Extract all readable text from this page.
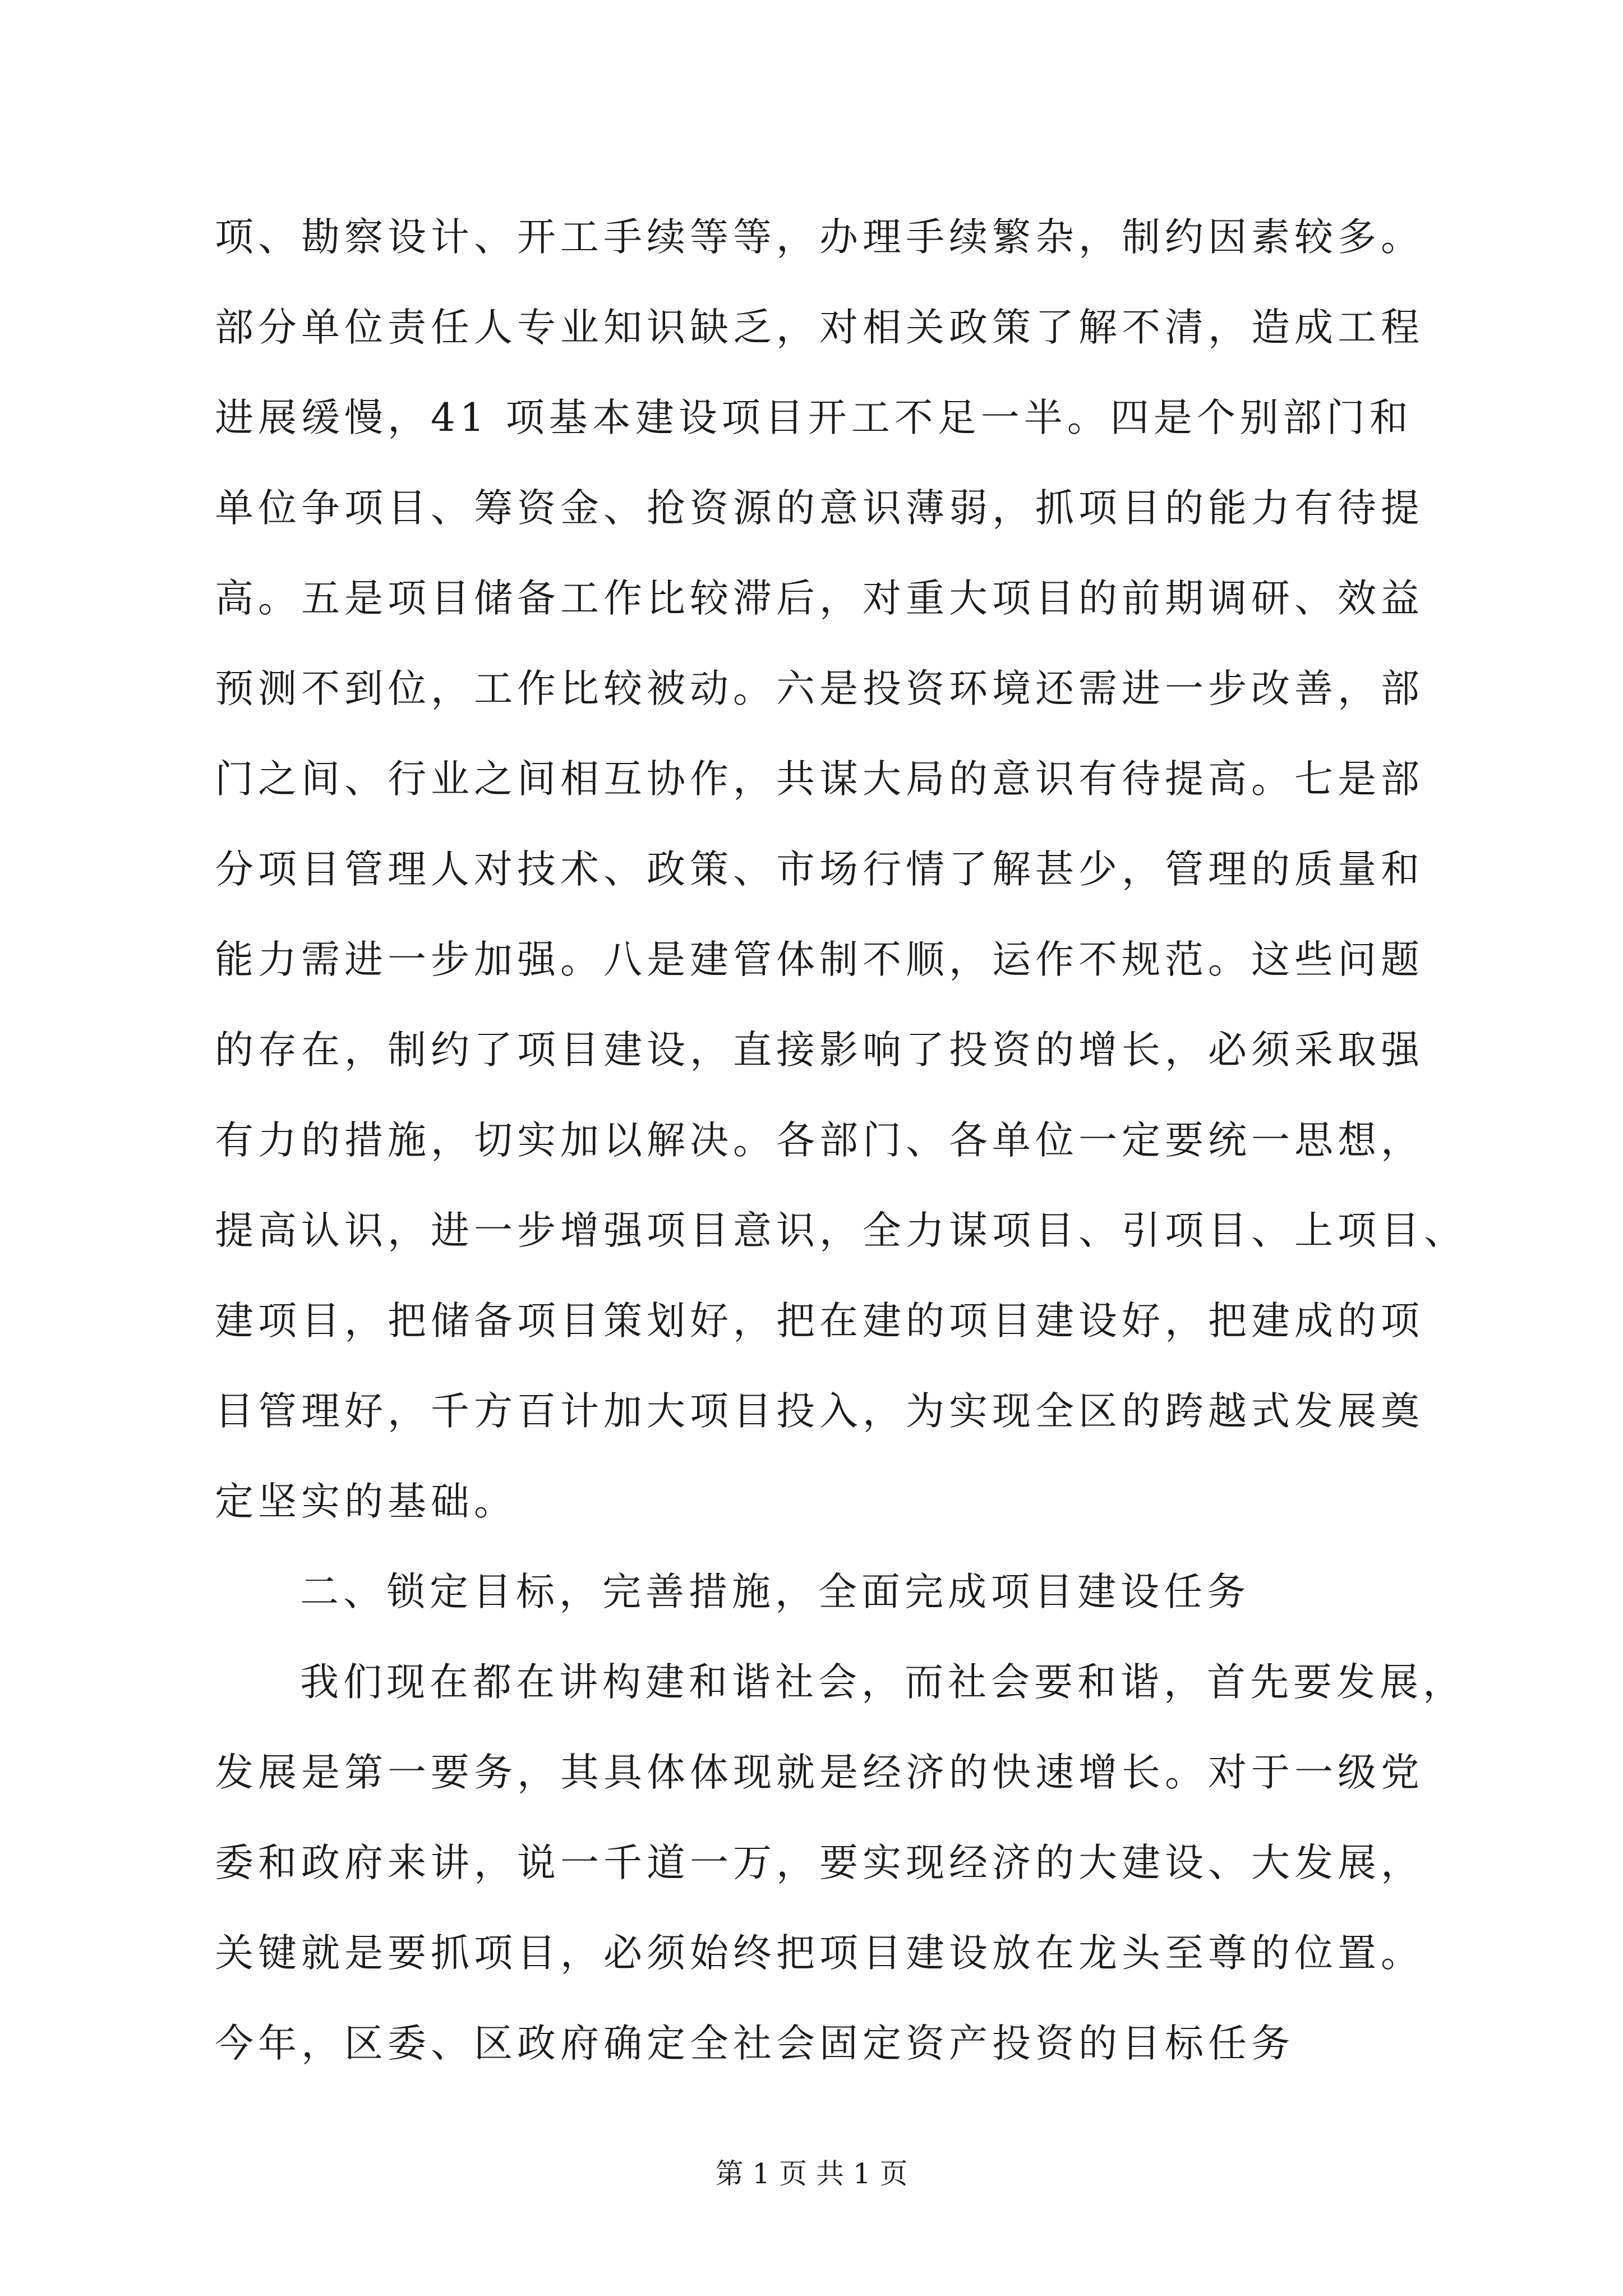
项、勘察设计、开工手续等等，办理手续繁杂，制约因素较多。
部分单位责任人专业知识缺乏，对相关政策了解不清，造成工程
进展缓慢，41 项基本建设项目开工不足一半。四是个别部门和
单位争项目、筹资金、抢资源的意识薄弱，抓项目的能力有待提
高。五是项目储备工作比较滞后，对重大项目的前期调研、效益
预测不到位，工作比较被动。六是投资环境还需进一步改善，部
门之间、行业之间相互协作，共谋大局的意识有待提高。七是部
分项目管理人对技术、政策、市场行情了解甚少，管理的质量和
能力需进一步加强。八是建管体制不顺，运作不规范。这些问题
的存在，制约了项目建设，直接影响了投资的增长，必须采取强
有力的措施，切实加以解决。各部门、各单位一定要统一思想，
提高认识，进一步增强项目意识，全力谋项目、引项目、上项目、
建项目，把储备项目策划好，把在建的项目建设好，把建成的项
目管理好，千方百计加大项目投入，为实现全区的跨越式发展奠
定坚实的基础。
二、锁定目标，完善措施，全面完成项目建设任务
我们现在都在讲构建和谐社会，而社会要和谐，首先要发展，
发展是第一要务，其具体体现就是经济的快速增长。对于一级党
委和政府来讲，说一千道一万，要实现经济的大建设、大发展，
关键就是要抓项目，必须始终把项目建设放在龙头至尊的位置。
今年，区委、区政府确定全社会固定资产投资的目标任务
第 1 页 共 1 页
